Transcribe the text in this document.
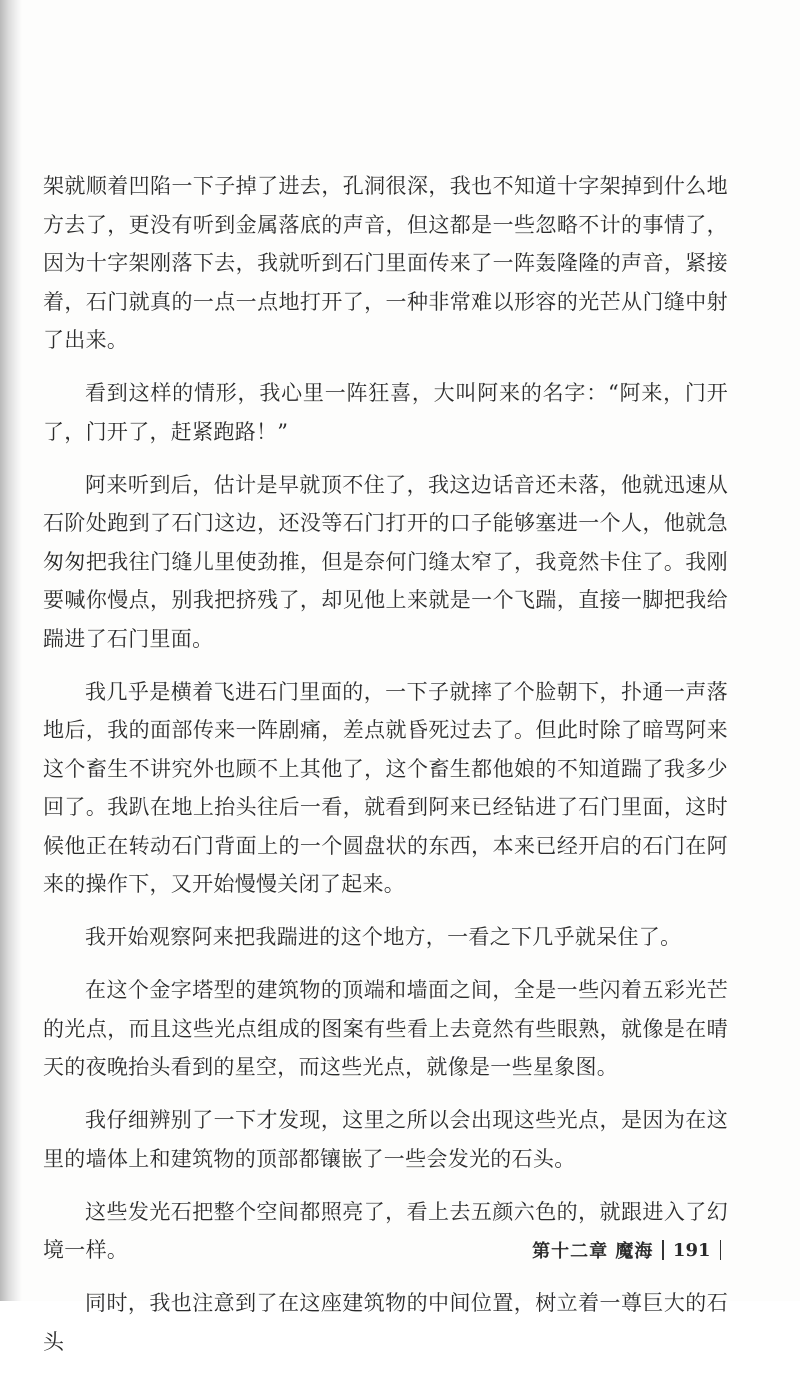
架就顺着凹陷一下子掉了进去，孔洞很深，我也不知道十字架掉到什么地方去了，更没有听到金属落底的声音，但这都是一些忽略不计的事情了，因为十字架刚落下去，我就听到石门里面传来了一阵轰隆隆的声音，紧接着，石门就真的一点一点地打开了，一种非常难以形容的光芒从门缝中射了出来。

看到这样的情形，我心里一阵狂喜，大叫阿来的名字：“阿来，门开了，门开了，赶紧跑路！”

阿来听到后，估计是早就顶不住了，我这边话音还未落，他就迅速从石阶处跑到了石门这边，还没等石门打开的口子能够塞进一个人，他就急匆匆把我往门缝儿里使劲推，但是奈何门缝太窄了，我竟然卡住了。我刚要喊你慢点，别我把挤残了，却见他上来就是一个飞踹，直接一脚把我给踹进了石门里面。

我几乎是横着飞进石门里面的，一下子就摔了个脸朝下，扑通一声落地后，我的面部传来一阵剧痛，差点就昏死过去了。但此时除了暗骂阿来这个畜生不讲究外也顾不上其他了，这个畜生都他娘的不知道踹了我多少回了。我趴在地上抬头往后一看，就看到阿来已经钻进了石门里面，这时候他正在转动石门背面上的一个圆盘状的东西，本来已经开启的石门在阿来的操作下，又开始慢慢关闭了起来。

我开始观察阿来把我踹进的这个地方，一看之下几乎就呆住了。

在这个金字塔型的建筑物的顶端和墙面之间，全是一些闪着五彩光芒的光点，而且这些光点组成的图案有些看上去竟然有些眼熟，就像是在晴天的夜晚抬头看到的星空，而这些光点，就像是一些星象图。

我仔细辨别了一下才发现，这里之所以会出现这些光点，是因为在这里的墙体上和建筑物的顶部都镶嵌了一些会发光的石头。

这些发光石把整个空间都照亮了，看上去五颜六色的，就跟进入了幻境一样。

同时，我也注意到了在这座建筑物的中间位置，树立着一尊巨大的石头

第十二章 魔海 191
